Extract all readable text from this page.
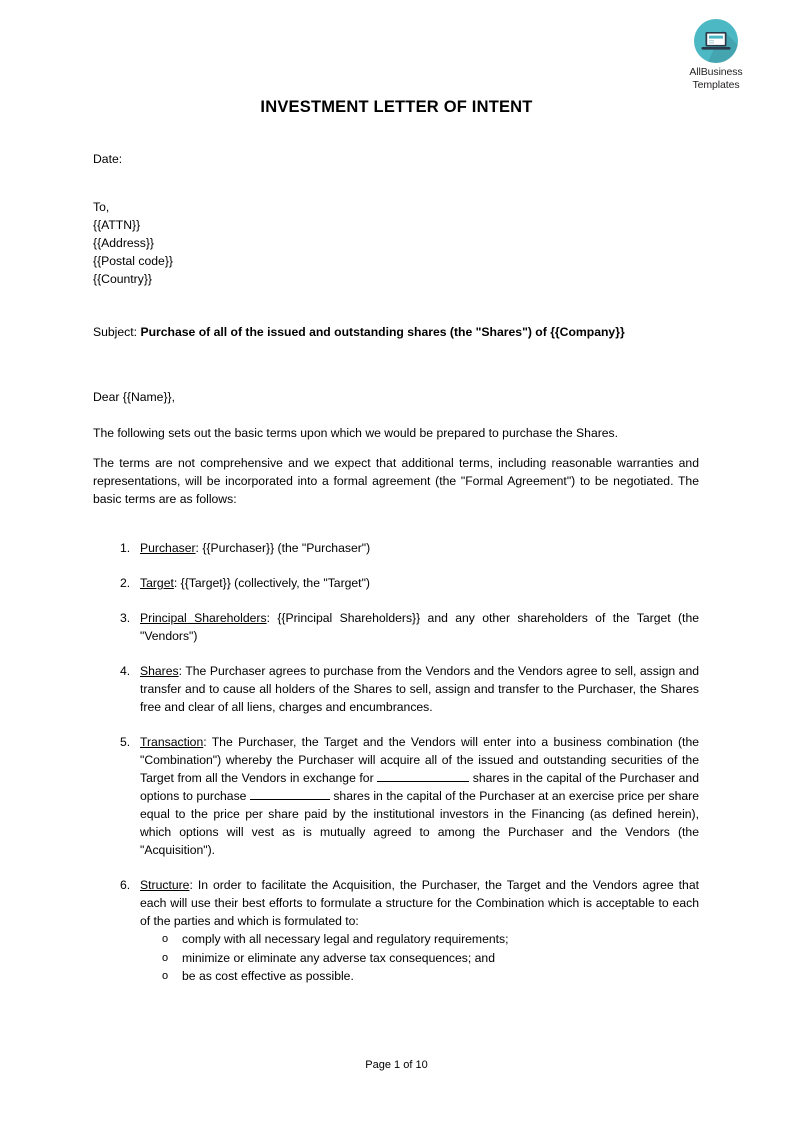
AllBusiness
Templates
INVESTMENT LETTER OF INTENT
Date:
To,
{{ATTN}}
{{Address}}
{{Postal code}}
{{Country}}
Subject: Purchase of all of the issued and outstanding shares (the "Shares") of {{Company}}
Dear {{Name}},

The following sets out the basic terms upon which we would be prepared to purchase the Shares.

The terms are not comprehensive and we expect that additional terms, including reasonable warranties and representations, will be incorporated into a formal agreement (the "Formal Agreement") to be negotiated. The basic terms are as follows:

1. Purchaser: {{Purchaser}} (the "Purchaser")
2. Target: {{Target}} (collectively, the "Target")
3. Principal Shareholders: {{Principal Shareholders}} and any other shareholders of the Target (the "Vendors")
4. Shares: The Purchaser agrees to purchase from the Vendors and the Vendors agree to sell, assign and transfer and to cause all holders of the Shares to sell, assign and transfer to the Purchaser, the Shares free and clear of all liens, charges and encumbrances.
5. Transaction: The Purchaser, the Target and the Vendors will enter into a business combination (the "Combination") whereby the Purchaser will acquire all of the issued and outstanding securities of the Target from all the Vendors in exchange for	shares in the capital of the Purchaser and options to purchase	shares in the capital of the Purchaser at an exercise price per share equal to the price per share paid by the institutional investors in the Financing (as defined herein), which options will vest as is mutually agreed to among the Purchaser and the Vendors (the "Acquisition").
6. Structure: In order to facilitate the Acquisition, the Purchaser, the Target and the Vendors agree that each will use their best efforts to formulate a structure for the Combination which is acceptable to each of the parties and which is formulated to:
o comply with all necessary legal and regulatory requirements;
o minimize or eliminate any adverse tax consequences; and
o be as cost effective as possible.
Page 1 of 10
